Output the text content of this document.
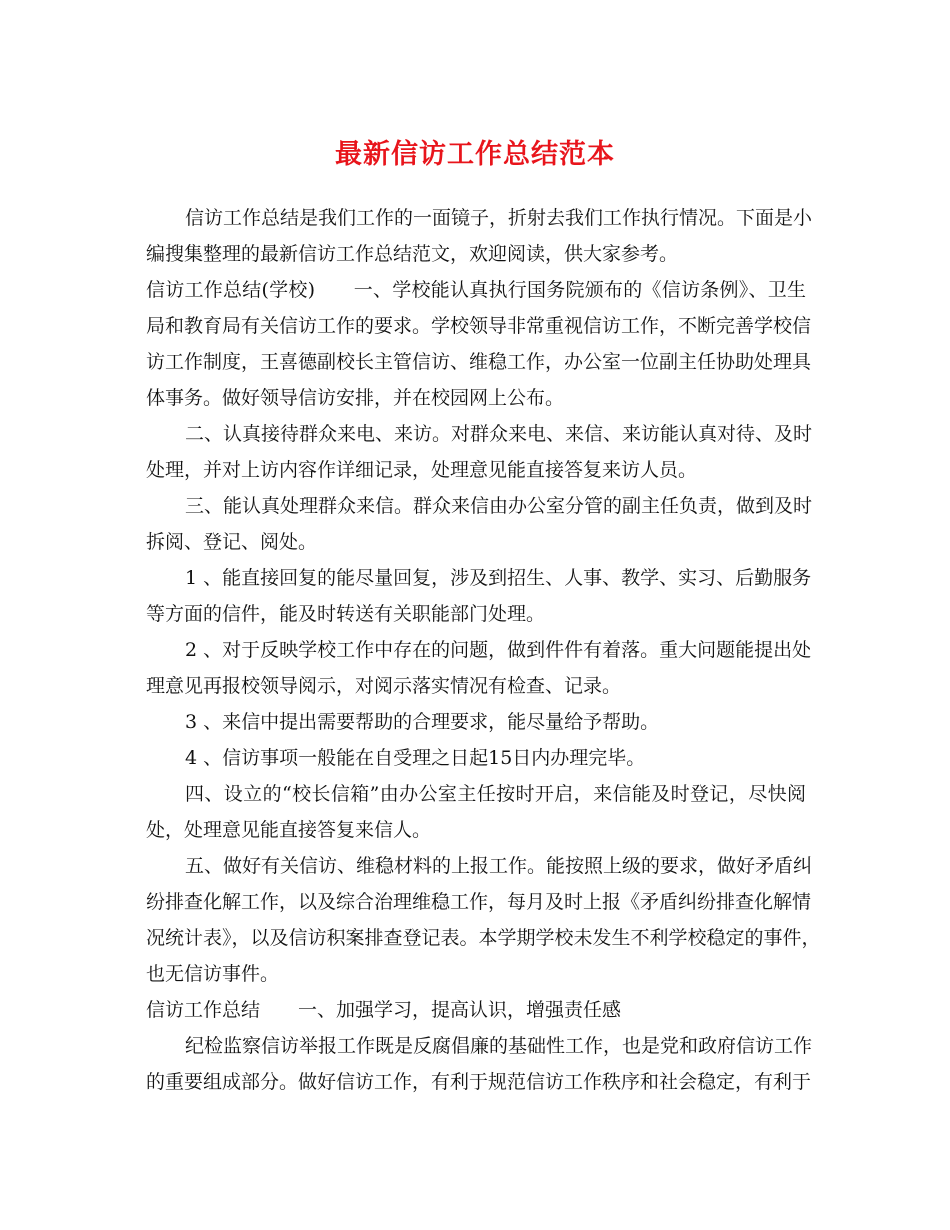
最新信访工作总结范本
信访工作总结是我们工作的一面镜子，折射去我们工作执行情况。下面是小
编搜集整理的最新信访工作总结范文，欢迎阅读，供大家参考。
信访工作总结(学校)　　一、学校能认真执行国务院颁布的《信访条例》、卫生
局和教育局有关信访工作的要求。学校领导非常重视信访工作，不断完善学校信
访工作制度，王喜德副校长主管信访、维稳工作，办公室一位副主任协助处理具
体事务。做好领导信访安排，并在校园网上公布。
二、认真接待群众来电、来访。对群众来电、来信、来访能认真对待、及时
处理，并对上访内容作详细记录，处理意见能直接答复来访人员。
三、能认真处理群众来信。群众来信由办公室分管的副主任负责，做到及时
拆阅、登记、阅处。
1 、能直接回复的能尽量回复，涉及到招生、人事、教学、实习、后勤服务
等方面的信件，能及时转送有关职能部门处理。
2 、对于反映学校工作中存在的问题，做到件件有着落。重大问题能提出处
理意见再报校领导阅示，对阅示落实情况有检查、记录。
3 、来信中提出需要帮助的合理要求，能尽量给予帮助。
4 、信访事项一般能在自受理之日起15日内办理完毕。
四、设立的“校长信箱”由办公室主任按时开启，来信能及时登记，尽快阅
处，处理意见能直接答复来信人。
五、做好有关信访、维稳材料的上报工作。能按照上级的要求，做好矛盾纠
纷排查化解工作，以及综合治理维稳工作，每月及时上报《矛盾纠纷排查化解情
况统计表》，以及信访积案排查登记表。本学期学校未发生不利学校稳定的事件，
也无信访事件。
信访工作总结　　一、加强学习，提高认识，增强责任感
纪检监察信访举报工作既是反腐倡廉的基础性工作，也是党和政府信访工作
的重要组成部分。做好信访工作，有利于规范信访工作秩序和社会稳定，有利于
